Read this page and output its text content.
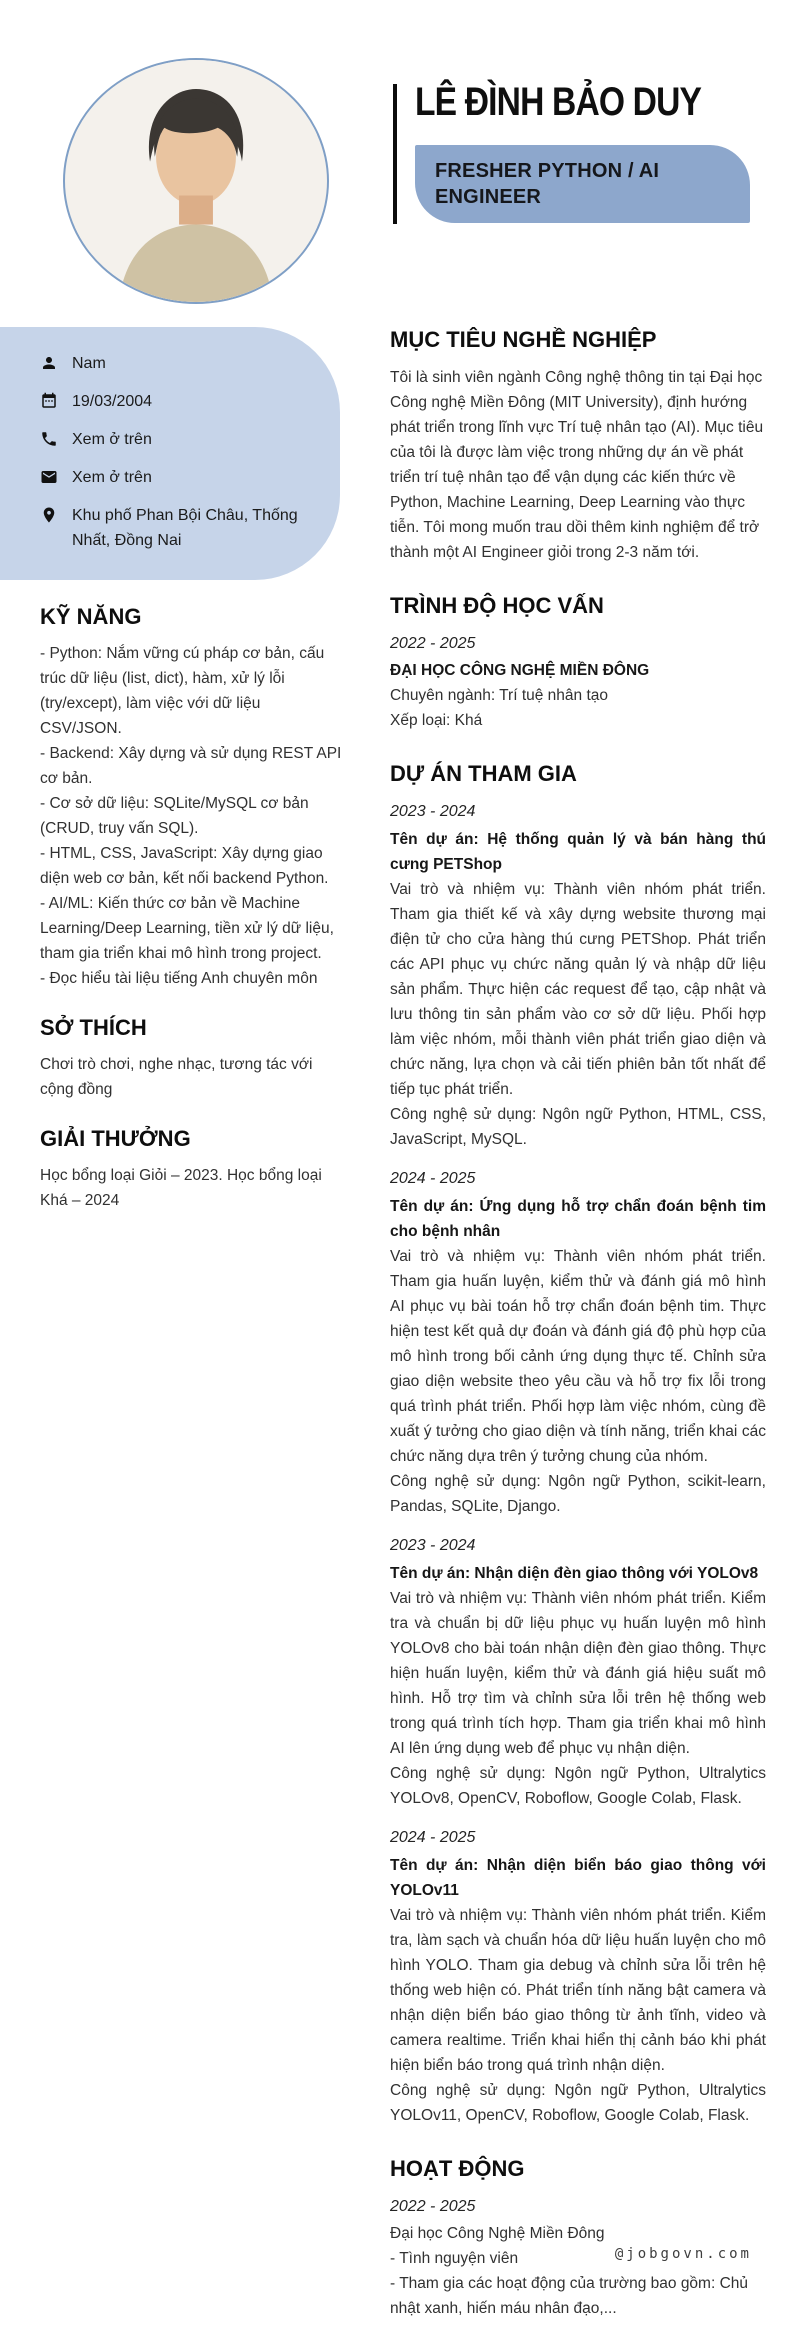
LÊ ĐÌNH BẢO DUY
FRESHER PYTHON / AI
ENGINEER
Nam
19/03/2004
Xem ở trên
Xem ở trên
Khu phố Phan Bội Châu, Thống Nhất, Đồng Nai
KỸ NĂNG

- Python: Nắm vững cú pháp cơ bản, cấu trúc dữ liệu (list, dict), hàm, xử lý lỗi (try/except), làm việc với dữ liệu CSV/JSON.

- Backend: Xây dựng và sử dụng REST API cơ bản.

- Cơ sở dữ liệu: SQLite/MySQL cơ bản (CRUD, truy vấn SQL).

- HTML, CSS, JavaScript: Xây dựng giao diện web cơ bản, kết nối backend Python.

- AI/ML: Kiến thức cơ bản về Machine Learning/Deep Learning, tiền xử lý dữ liệu, tham gia triển khai mô hình trong project.

- Đọc hiểu tài liệu tiếng Anh chuyên môn

SỞ THÍCH

Chơi trò chơi, nghe nhạc, tương tác với cộng đồng

GIẢI THƯỞNG

Học bổng loại Giỏi – 2023. Học bổng loại Khá – 2024

MỤC TIÊU NGHỀ NGHIỆP

Tôi là sinh viên ngành Công nghệ thông tin tại Đại học Công nghệ Miền Đông (MIT University), định hướng phát triển trong lĩnh vực Trí tuệ nhân tạo (AI). Mục tiêu của tôi là được làm việc trong những dự án về phát triển trí tuệ nhân tạo để vận dụng các kiến thức về Python, Machine Learning, Deep Learning vào thực tiễn. Tôi mong muốn trau dồi thêm kinh nghiệm để trở thành một AI Engineer giỏi trong 2-3 năm tới.

TRÌNH ĐỘ HỌC VẤN

2022 - 2025

ĐẠI HỌC CÔNG NGHỆ MIỀN ĐÔNG

Chuyên ngành: Trí tuệ nhân tạo

Xếp loại: Khá

DỰ ÁN THAM GIA

2023 - 2024

Tên dự án: Hệ thống quản lý và bán hàng thú cưng PETShop

Vai trò và nhiệm vụ: Thành viên nhóm phát triển. Tham gia thiết kế và xây dựng website thương mại điện tử cho cửa hàng thú cưng PETShop. Phát triển các API phục vụ chức năng quản lý và nhập dữ liệu sản phẩm. Thực hiện các request để tạo, cập nhật và lưu thông tin sản phẩm vào cơ sở dữ liệu. Phối hợp làm việc nhóm, mỗi thành viên phát triển giao diện và chức năng, lựa chọn và cải tiến phiên bản tốt nhất để tiếp tục phát triển.

Công nghệ sử dụng: Ngôn ngữ Python, HTML, CSS, JavaScript, MySQL.

2024 - 2025

Tên dự án: Ứng dụng hỗ trợ chẩn đoán bệnh tim cho bệnh nhân

Vai trò và nhiệm vụ: Thành viên nhóm phát triển. Tham gia huấn luyện, kiểm thử và đánh giá mô hình AI phục vụ bài toán hỗ trợ chẩn đoán bệnh tim. Thực hiện test kết quả dự đoán và đánh giá độ phù hợp của mô hình trong bối cảnh ứng dụng thực tế. Chỉnh sửa giao diện website theo yêu cầu và hỗ trợ fix lỗi trong quá trình phát triển. Phối hợp làm việc nhóm, cùng đề xuất ý tưởng cho giao diện và tính năng, triển khai các chức năng dựa trên ý tưởng chung của nhóm.

Công nghệ sử dụng: Ngôn ngữ Python, scikit-learn, Pandas, SQLite, Django.

2023 - 2024

Tên dự án: Nhận diện đèn giao thông với YOLOv8

Vai trò và nhiệm vụ: Thành viên nhóm phát triển. Kiểm tra và chuẩn bị dữ liệu phục vụ huấn luyện mô hình YOLOv8 cho bài toán nhận diện đèn giao thông. Thực hiện huấn luyện, kiểm thử và đánh giá hiệu suất mô hình. Hỗ trợ tìm và chỉnh sửa lỗi trên hệ thống web trong quá trình tích hợp. Tham gia triển khai mô hình AI lên ứng dụng web để phục vụ nhận diện.

Công nghệ sử dụng: Ngôn ngữ Python, Ultralytics YOLOv8, OpenCV, Roboflow, Google Colab, Flask.

2024 - 2025

Tên dự án: Nhận diện biển báo giao thông với YOLOv11

Vai trò và nhiệm vụ: Thành viên nhóm phát triển. Kiểm tra, làm sạch và chuẩn hóa dữ liệu huấn luyện cho mô hình YOLO. Tham gia debug và chỉnh sửa lỗi trên hệ thống web hiện có. Phát triển tính năng bật camera và nhận diện biển báo giao thông từ ảnh tĩnh, video và camera realtime. Triển khai hiển thị cảnh báo khi phát hiện biển báo trong quá trình nhận diện.

Công nghệ sử dụng: Ngôn ngữ Python, Ultralytics YOLOv11, OpenCV, Roboflow, Google Colab, Flask.

HOẠT ĐỘNG

2022 - 2025

Đại học Công Nghệ Miền Đông

- Tình nguyện viên

- Tham gia các hoạt động của trường bao gồm: Chủ nhật xanh, hiến máu nhân đạo,...

@jobgovn.com
